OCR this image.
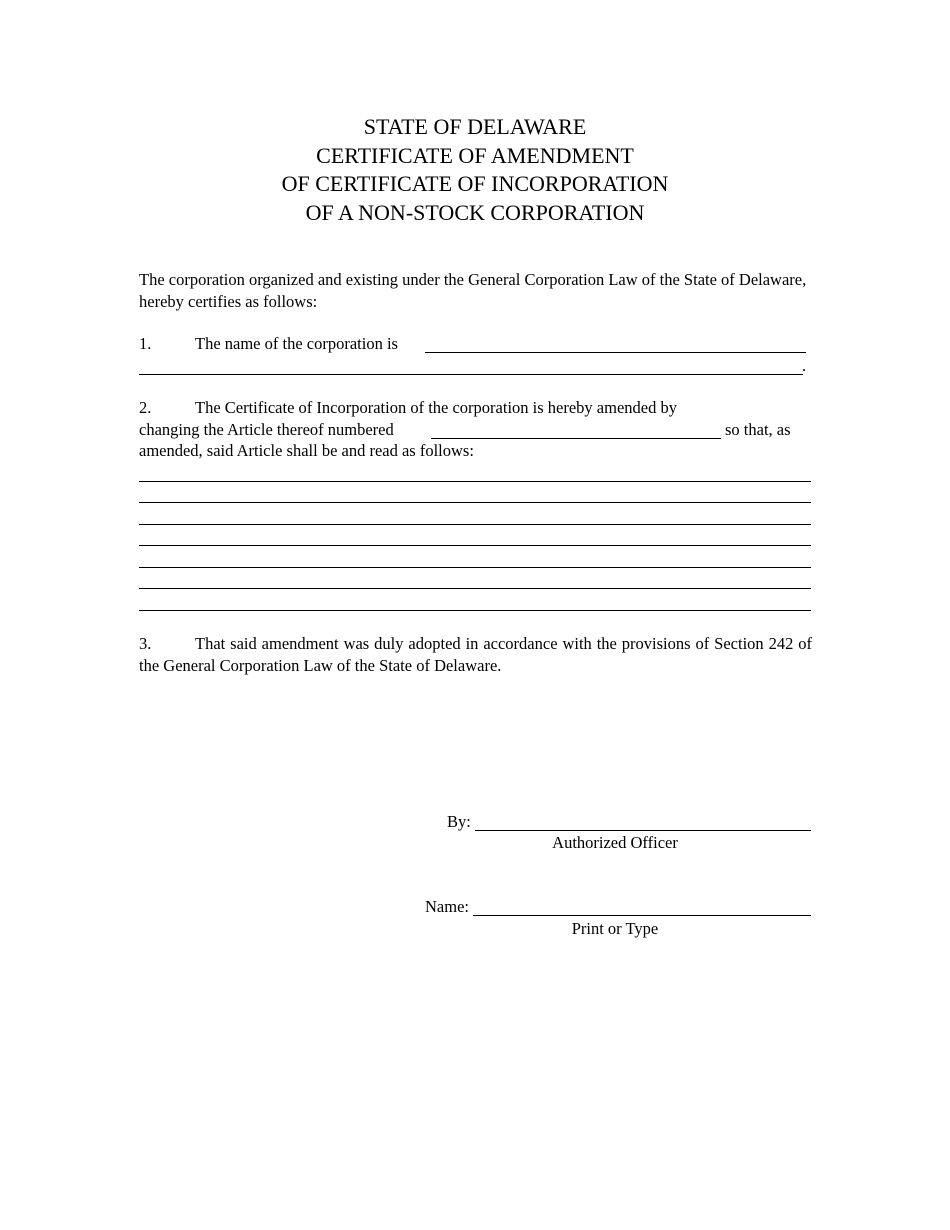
STATE OF DELAWARE
CERTIFICATE OF AMENDMENT
OF CERTIFICATE OF INCORPORATION
OF A NON-STOCK CORPORATION
The corporation organized and existing under the General Corporation Law of the State of Delaware, hereby certifies as follows:
1.	The name of the corporation is
.
2.	The Certificate of Incorporation of the corporation is hereby amended by
changing the Article thereof numbered	so that, as
amended, said Article shall be and read as follows:
3.	That said amendment was duly adopted in accordance with the provisions of Section 242 of the General Corporation Law of the State of Delaware.
By:
Authorized Officer
Name:
Print or Type
